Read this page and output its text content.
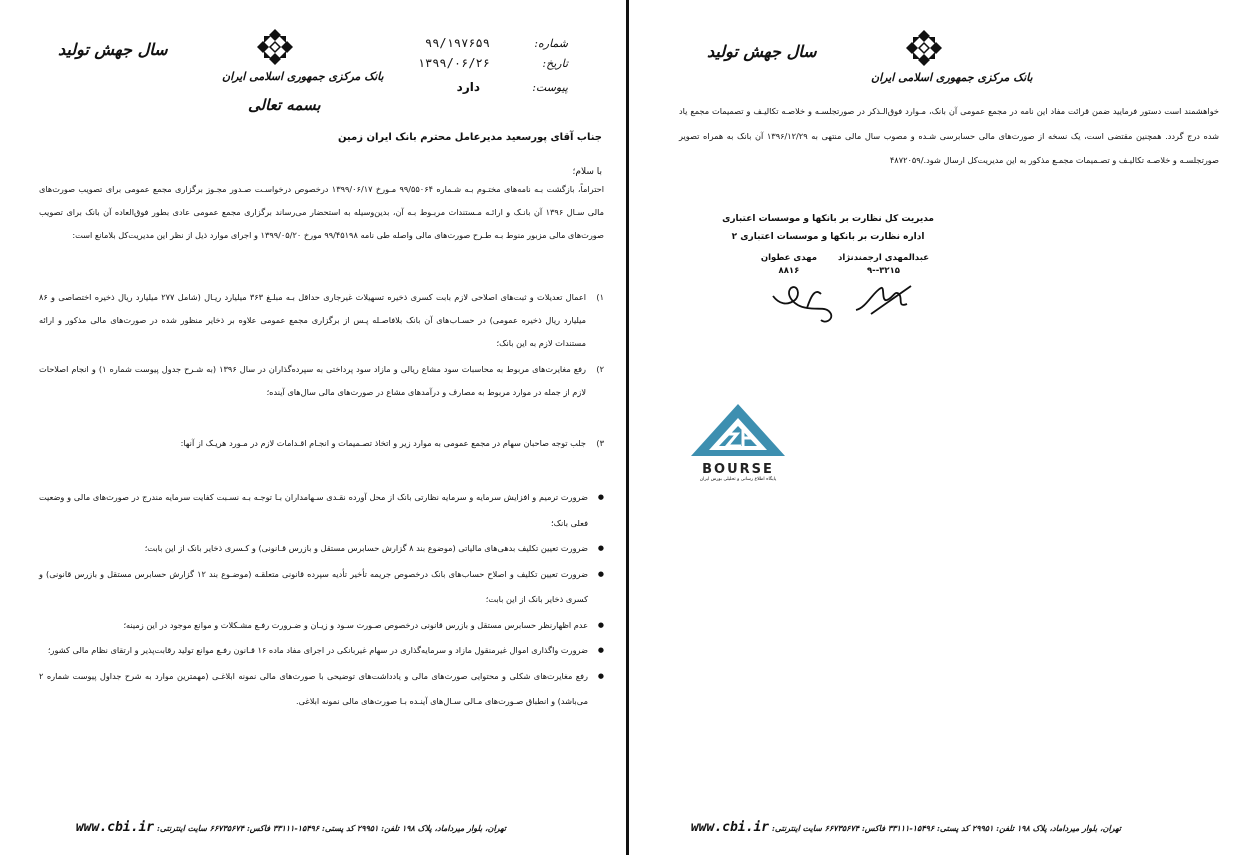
سال جهش تولید
بانک مرکزی جمهوری اسلامی ایران
بسمه تعالی
شماره:
۹۹/۱۹۷۶۵۹
تاریخ:
۱۳۹۹/۰۶/۲۶
پیوست:
دارد
جناب آقای پورسعید مدیرعامل محترم بانک ایران زمین
با سلام؛
احتراماً، بازگشت بـه نامه‌های مختـوم بـه شـماره ۹۹/۵۵۰۶۴ مـورخ ۱۳۹۹/۰۶/۱۷ درخصوص درخواسـت صـدور مجـوز برگزاری مجمع عمومی برای تصویب صورت‌های مالی سـال ۱۳۹۶ آن بانـک و ارائـه مـستندات مربـوط بـه آن، بدین‌وسیله به استحضار می‌رساند برگزاری مجمع عمومی عادی بطور فوق‌العاده آن بانک برای تصویب صورت‌های مالی مزبور منوط بـه طـرح صورت‌های مالی واصله طی نامه ۹۹/۴۵۱۹۸ مورخ ۱۳۹۹/۰۵/۲۰ و اجرای موارد ذیل از نظر این مدیریت‌کل بلامانع است:
۱)
اعمال تعدیلات و ثبت‌های اصلاحی لازم بابت کسری ذخیره تسهیلات غیرجاری حداقل بـه مبلـغ ۳۶۳ میلیارد ریـال (شامل ۲۷۷ میلیارد ریال ذخیره اختصاصی و ۸۶ میلیارد ریال ذخیره عمومی) در حسـاب‌های آن بانک بلافاصـله پـس از برگزاری مجمع عمومی علاوه بر ذخایر منظور شده در صورت‌های مالی مذکور و ارائه مستندات لازم به این بانک؛
۲)
رفع مغایرت‌های مربوط به محاسبات سود مشاع ریالی و مازاد سود پرداختی به سپرده‌گذاران در سال ۱۳۹۶ (به شـرح جدول پیوست شماره ۱) و انجام اصلاحات لازم از جمله در موارد مربوط به مصارف و درآمدهای مشاع در صورت‌های مالی سال‌های آینده؛
۳)
جلب توجه صاحبان سهام در مجمع عمومی به موارد زیر و اتخاذ تصـمیمات و انجـام اقـدامات لازم در مـورد هریـک از آنها:
● ضرورت ترمیم و افزایش سرمایه و سرمایه نظارتی بانک از محل آورده نقـدی سـهامداران بـا توجـه بـه نسـبت کفایت سرمایه مندرج در صورت‌های مالی و وضعیت فعلی بانک؛
● ضرورت تعیین تکلیف بدهی‌های مالیاتی (موضوع بند ۸ گزارش حسابرس مستقل و بازرس قـانونی) و کـسری ذخایر بانک از این بابت؛
● ضرورت تعیین تکلیف و اصلاح حساب‌های بانک درخصوص جریمه تأخیر تأدیه سپرده قانونی متعلقـه (موضـوع بند ۱۲ گزارش حسابرس مستقل و بازرس قانونی) و کسری ذخایر بانک از این بابت؛
● عدم اظهارنظر حسابرس مستقل و بازرس قانونی درخصوص صـورت سـود و زیـان و ضـرورت رفـع مشـکلات و موانع موجود در این زمینه؛
● ضرورت واگذاری اموال غیرمنقول مازاد و سرمایه‌گذاری در سهام غیربانکی در اجرای مفاد ماده ۱۶ قـانون رفـع موانع تولید رقابت‌پذیر و ارتقای نظام مالی کشور؛
● رفع مغایرت‌های شکلی و محتوایی صورت‌های مالی و یادداشت‌های توضیحی با صورت‌های مالی نمونه ابلاغـی (مهمترین موارد به شرح جداول پیوست شماره ۲ می‌باشد) و انطباق صـورت‌های مـالی سـال‌های آینـده بـا صورت‌های مالی نمونه ابلاغی.
تهران، بلوار میرداماد، پلاک ۱۹۸ تلفن: ۲۹۹۵۱ کد پستی: ۱۵۴۹۶-۳۳۱۱۱ فاکس: ۶۶۷۳۵۶۷۴ سایت اینترنتی: www.cbi.ir
سال جهش تولید
بانک مرکزی جمهوری اسلامی ایران
خواهشمند است دستور فرمایید ضمن قرائت مفاد این نامه در مجمع عمومی آن بانک، مـوارد فوق‌الـذکر در صورتجلسـه و خلاصـه تکالیـف و تصمیمات مجمع یاد شده درج گردد. همچنین مقتضی است، یک نسخه از صورت‌های مالی حسابرسی شـده و مصوب سال مالی منتهی به ۱۳۹۶/۱۲/۲۹ آن بانک به همراه تصویر صورتجلسـه و خلاصـه تکالیـف و تصـمیمات مجمـع مذکور به این مدیریت‌کل ارسال شود./۴۸۷۲۰۵۹
مدیریت کل نظارت بر بانکها و موسسات اعتباری
اداره نظارت بر بانکها و موسسات اعتباری ۲
عبدالمهدی ارجمندنژاد
۳۲۱۵--۹
مهدی عطوان
۸۸۱۶
BOURSE
پایگاه اطلاع رسانی و تحلیلی بورس ایران
تهران، بلوار میرداماد، پلاک ۱۹۸ تلفن: ۲۹۹۵۱ کد پستی: ۱۵۴۹۶-۳۳۱۱۱ فاکس: ۶۶۷۳۵۶۷۴ سایت اینترنتی: www.cbi.ir
